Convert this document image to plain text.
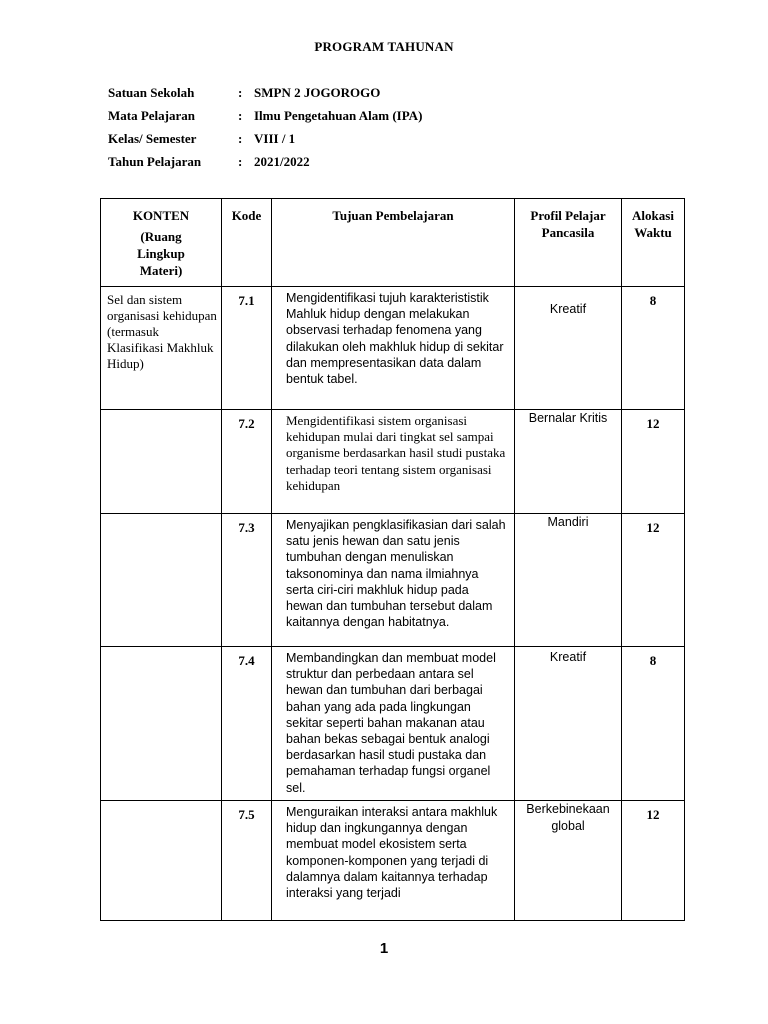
PROGRAM TAHUNAN
Satuan Sekolah	: SMPN 2 JOGOROGO
Mata Pelajaran	: Ilmu Pengetahuan Alam (IPA)
Kelas/ Semester	: VIII / 1
Tahun Pelajaran	: 2021/2022
KONTEN
(Ruang Lingkup Materi)	Kode	Tujuan Pembelajaran	Profil Pelajar Pancasila	Alokasi Waktu
Sel dan sistem organisasi kehidupan (termasuk Klasifikasi Makhluk Hidup)	7.1	Mengidentifikasi tujuh karakterististik Mahluk hidup dengan melakukan observasi terhadap fenomena yang dilakukan oleh makhluk hidup di sekitar dan mempresentasikan data dalam bentuk tabel.	Kreatif	8
	7.2	Mengidentifikasi sistem organisasi kehidupan mulai dari tingkat sel sampai organisme berdasarkan hasil studi pustaka terhadap teori tentang sistem organisasi kehidupan	Bernalar Kritis	12
	7.3	Menyajikan pengklasifikasian dari salah satu jenis hewan dan satu jenis tumbuhan dengan menuliskan taksonominya dan nama ilmiahnya serta ciri-ciri makhluk hidup pada hewan dan tumbuhan tersebut dalam kaitannya dengan habitatnya.	Mandiri	12
	7.4	Membandingkan dan membuat model struktur dan perbedaan antara sel hewan dan tumbuhan dari berbagai bahan yang ada pada lingkungan sekitar seperti bahan makanan atau bahan bekas sebagai bentuk analogi berdasarkan hasil studi pustaka dan pemahaman terhadap fungsi organel sel.	Kreatif	8
	7.5	Menguraikan interaksi antara makhluk hidup dan ingkungannya dengan membuat model ekosistem serta komponen-komponen yang terjadi di dalamnya dalam kaitannya terhadap interaksi yang terjadi	Berkebinekaan global	12
1
